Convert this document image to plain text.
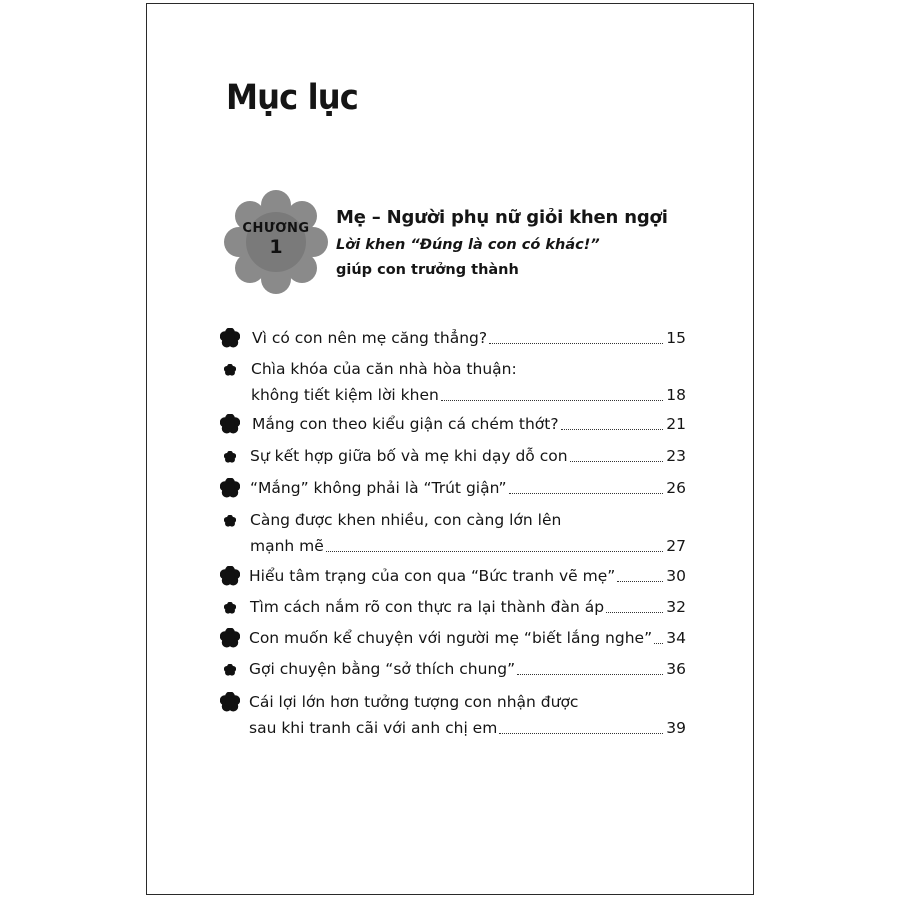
Mục lục
CHƯƠNG
1
Mẹ – Người phụ nữ giỏi khen ngợi
Lời khen “Đúng là con có khác!”
giúp con trưởng thành
Vì có con nên mẹ căng thẳng?	15
Chìa khóa của căn nhà hòa thuận:
không tiết kiệm lời khen	18
Mắng con theo kiểu giận cá chém thớt?	21
Sự kết hợp giữa bố và mẹ khi dạy dỗ con	23
“Mắng” không phải là “Trút giận”	26
Càng được khen nhiều, con càng lớn lên
mạnh mẽ	27
Hiểu tâm trạng của con qua “Bức tranh vẽ mẹ”	30
Tìm cách nắm rõ con thực ra lại thành đàn áp	32
Con muốn kể chuyện với người mẹ “biết lắng nghe” 34
Gợi chuyện bằng “sở thích chung”	36
Cái lợi lớn hơn tưởng tượng con nhận được
sau khi tranh cãi với anh chị em	39
